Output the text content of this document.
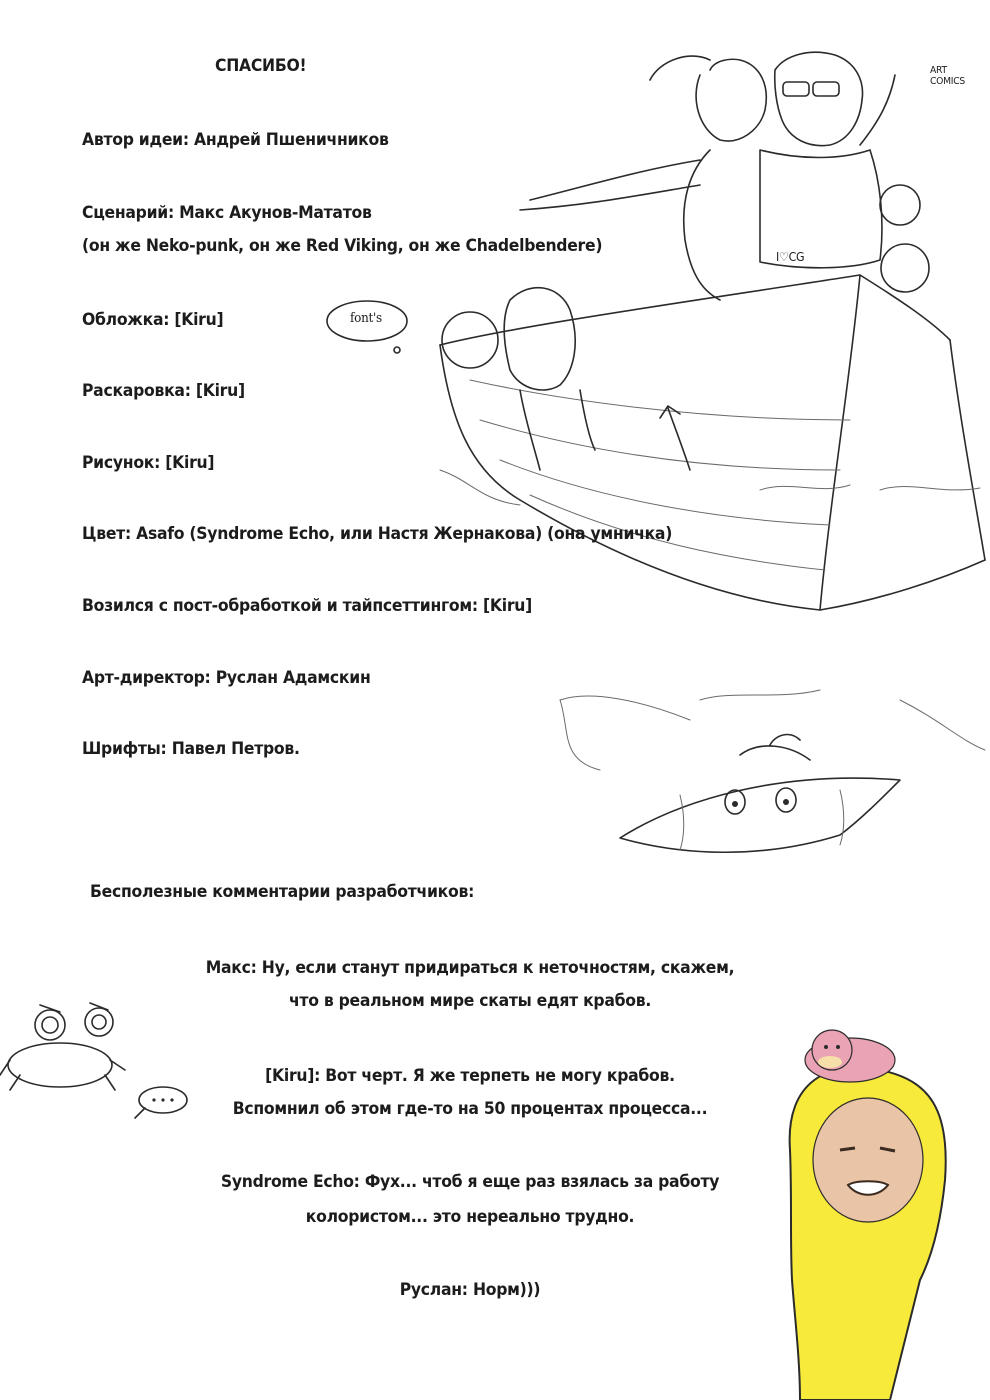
font's
I♡CG
ART COMICS
СПАСИБО!
Автор идеи: Андрей Пшеничников
Сценарий: Макс Акунов-Мататов
(он же Neko-punk, он же Red Viking, он же Chadelbendere)
Обложка: [Kiru]
Раскаровка: [Kiru]
Рисунок: [Kiru]
Цвет: Asafo (Syndrome Echo, или Настя Жернакова) (она умничка)
Возился с пост-обработкой и тайпсеттингом: [Kiru]
Арт-директор: Руслан Адамскин
Шрифты: Павел Петров.
Бесполезные комментарии разработчиков:
Макс: Ну, если станут придираться к неточностям, скажем,
что в реальном мире скаты едят крабов.
[Kiru]: Вот черт. Я же терпеть не могу крабов.
Вспомнил об этом где-то на 50 процентах процесса...
Syndrome Echo: Фух... чтоб я еще раз взялась за работу
колористом... это нереально трудно.
Руслан: Норм)))
